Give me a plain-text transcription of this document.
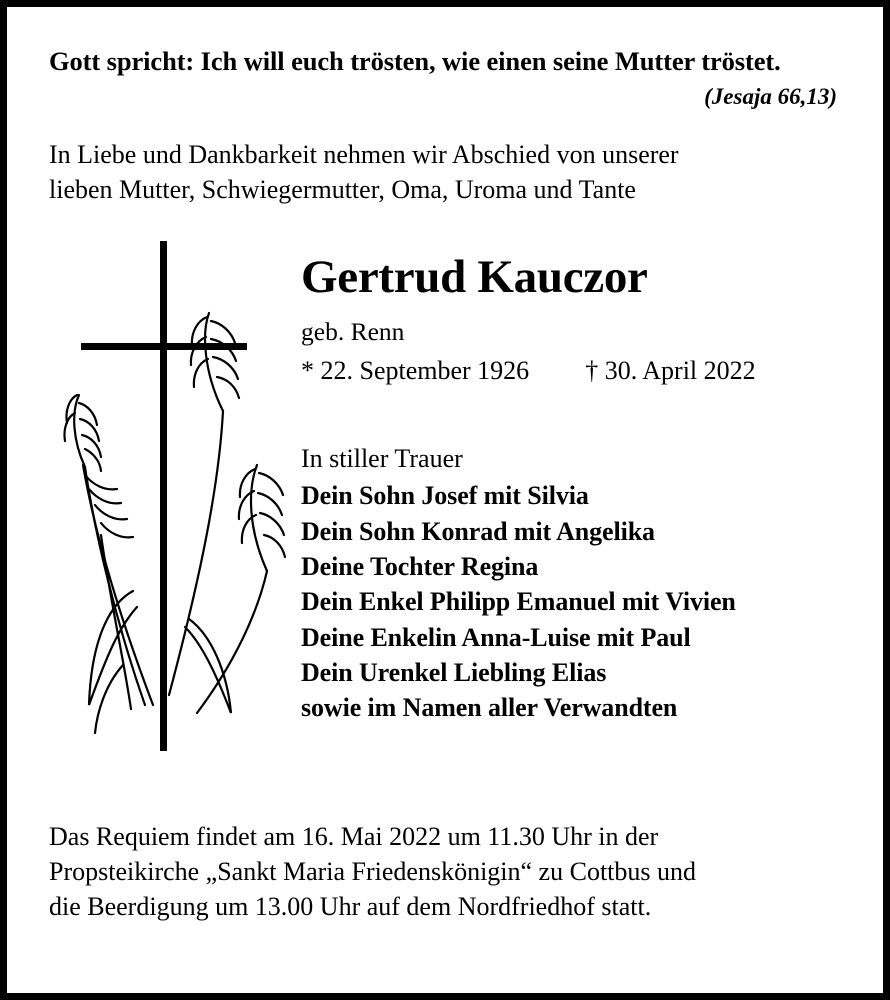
Gott spricht: Ich will euch trösten, wie einen seine Mutter tröstet.
(Jesaja 66,13)
In Liebe und Dankbarkeit nehmen wir Abschied von unserer
lieben Mutter, Schwiegermutter, Oma, Uroma und Tante
Gertrud Kauczor
geb. Renn
* 22. September 1926 † 30. April 2022
In stiller Trauer
Dein Sohn Josef mit Silvia
Dein Sohn Konrad mit Angelika
Deine Tochter Regina
Dein Enkel Philipp Emanuel mit Vivien
Deine Enkelin Anna-Luise mit Paul
Dein Urenkel Liebling Elias
sowie im Namen aller Verwandten
Das Requiem findet am 16. Mai 2022 um 11.30 Uhr in der
Propsteikirche „Sankt Maria Friedenskönigin“ zu Cottbus und
die Beerdigung um 13.00 Uhr auf dem Nordfriedhof statt.
